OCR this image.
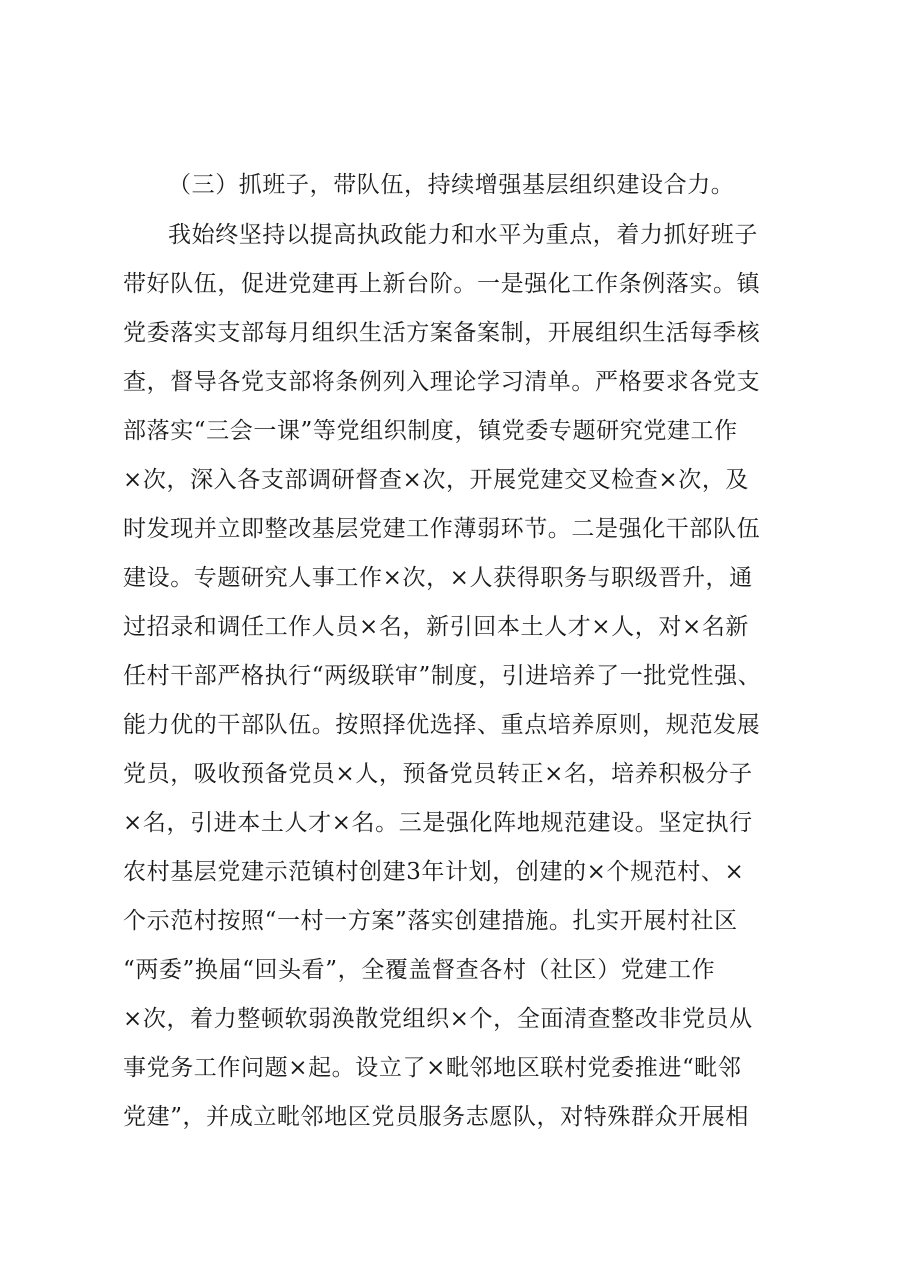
（三）抓班子，带队伍，持续增强基层组织建设合力。

我始终坚持以提高执政能力和水平为重点，着力抓好班子

带好队伍，促进党建再上新台阶。一是强化工作条例落实。镇

党委落实支部每月组织生活方案备案制，开展组织生活每季核

查，督导各党支部将条例列入理论学习清单。严格要求各党支

部落实“三会一课”等党组织制度，镇党委专题研究党建工作

×次，深入各支部调研督查×次，开展党建交叉检查×次，及

时发现并立即整改基层党建工作薄弱环节。二是强化干部队伍

建设。专题研究人事工作×次，×人获得职务与职级晋升，通

过招录和调任工作人员×名，新引回本土人才×人，对×名新

任村干部严格执行“两级联审”制度，引进培养了一批党性强、

能力优的干部队伍。按照择优选择、重点培养原则，规范发展

党员，吸收预备党员×人，预备党员转正×名，培养积极分子

×名，引进本土人才×名。三是强化阵地规范建设。坚定执行

农村基层党建示范镇村创建3年计划，创建的×个规范村、×

个示范村按照“一村一方案”落实创建措施。扎实开展村社区

“两委”换届“回头看”，全覆盖督查各村（社区）党建工作

×次，着力整顿软弱涣散党组织×个，全面清查整改非党员从

事党务工作问题×起。设立了×毗邻地区联村党委推进“毗邻

党建”，并成立毗邻地区党员服务志愿队，对特殊群众开展相
